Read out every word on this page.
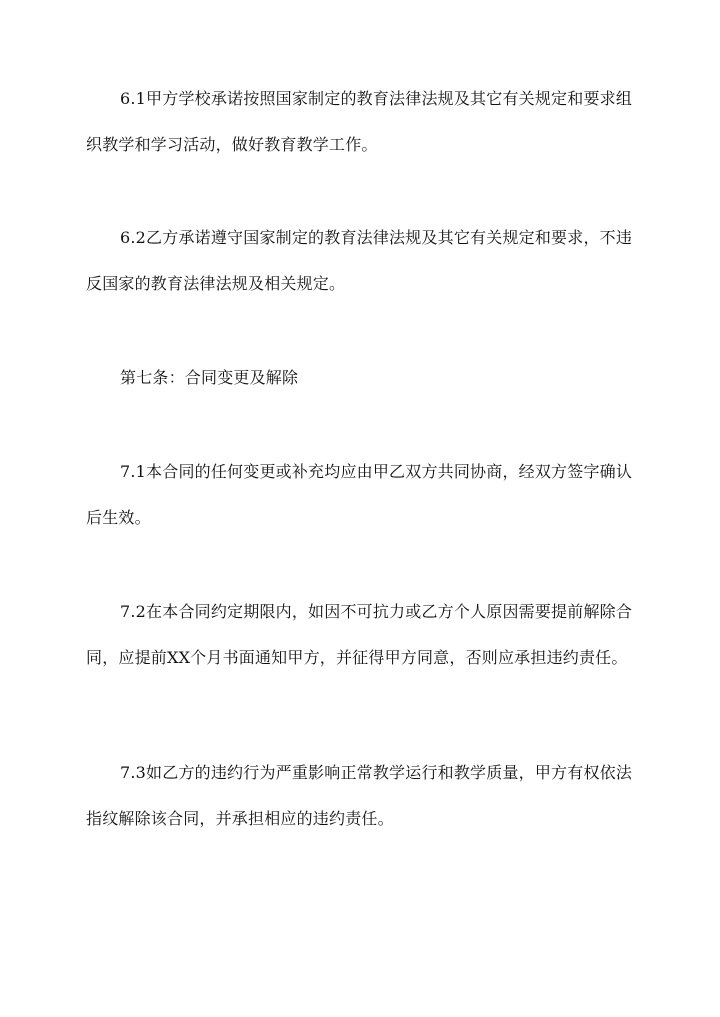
6.1甲方学校承诺按照国家制定的教育法律法规及其它有关规定和要求组织教学和学习活动，做好教育教学工作。

6.2乙方承诺遵守国家制定的教育法律法规及其它有关规定和要求，不违反国家的教育法律法规及相关规定。

第七条：合同变更及解除

7.1本合同的任何变更或补充均应由甲乙双方共同协商，经双方签字确认后生效。

7.2在本合同约定期限内，如因不可抗力或乙方个人原因需要提前解除合同，应提前XX个月书面通知甲方，并征得甲方同意，否则应承担违约责任。

7.3如乙方的违约行为严重影响正常教学运行和教学质量，甲方有权依法指纹解除该合同，并承担相应的违约责任。
